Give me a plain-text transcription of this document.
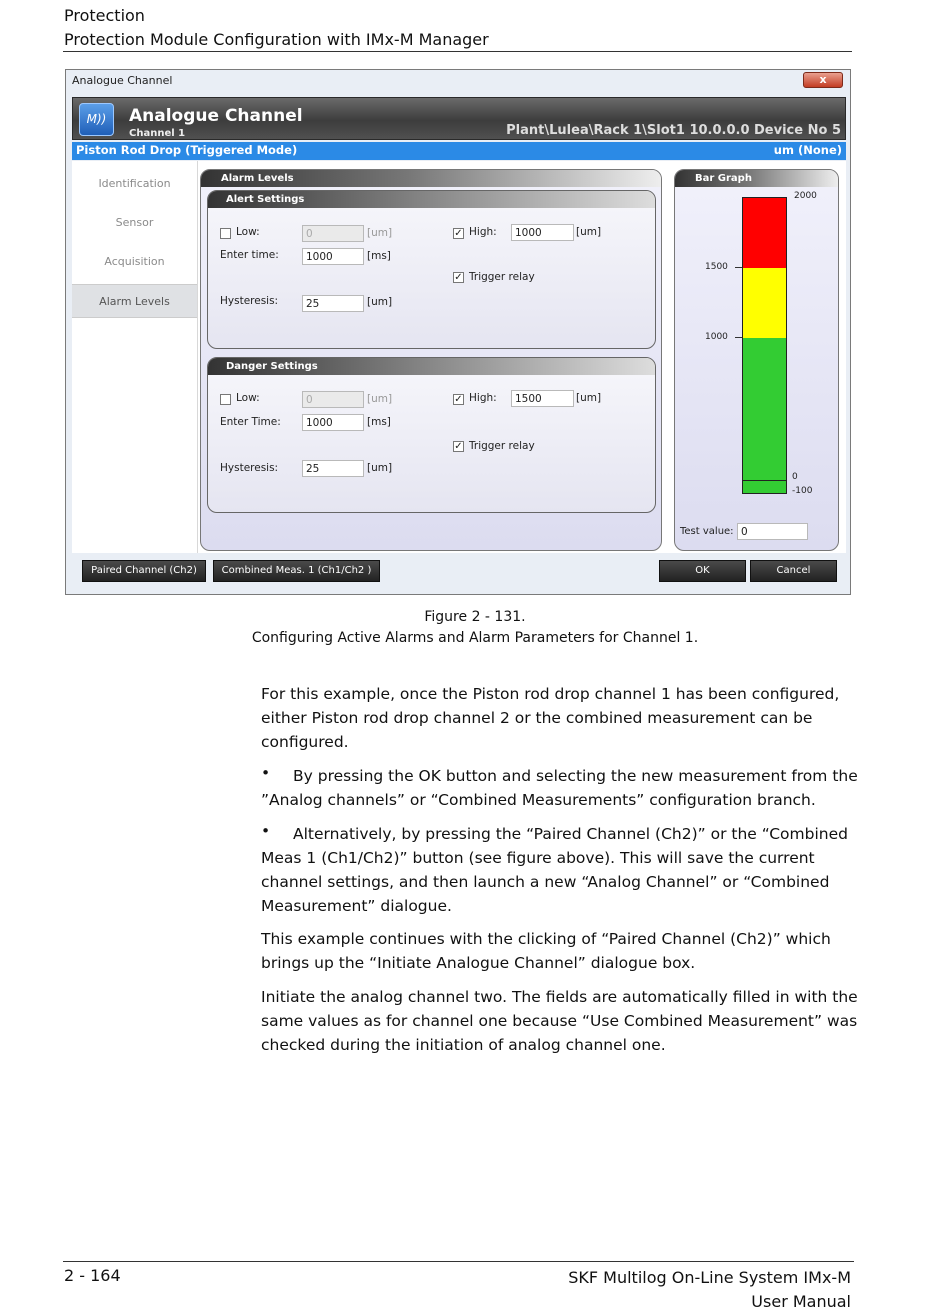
Protection
Protection Module Configuration with IMx-M Manager
Analogue Channel	x
M))	Analogue Channel
Channel 1	Plant\Lulea\Rack 1\Slot1 10.0.0.0 Device No 5
Piston Rod Drop (Triggered Mode)	um (None)
Identification
Sensor
Acquisition
Alarm Levels
Alarm Levels
Alert Settings
Low:	0	[um]	✓ High:	1000	[um]
Enter time:	1000	[ms]
✓ Trigger relay
Hysteresis:	25	[um]
Danger Settings
Low:	0	[um]	✓ High:	1500	[um]
Enter Time:	1000	[ms]
✓ Trigger relay
Hysteresis:	25	[um]
Bar Graph
2000
1500
1000
0
-100
Test value: 0
Paired Channel (Ch2)	Combined Meas. 1 (Ch1/Ch2 )	OK	Cancel
Figure 2 - 131.
Configuring Active Alarms and Alarm Parameters for Channel 1.

For this example, once the Piston rod drop channel 1 has been configured, either Piston rod drop channel 2 or the combined measurement can be configured.

•	By pressing the OK button and selecting the new measurement from the ”Analog channels” or “Combined Measurements” configuration branch.

•	Alternatively, by pressing the “Paired Channel (Ch2)” or the “Combined Meas 1 (Ch1/Ch2)” button (see figure above). This will save the current channel settings, and then launch a new “Analog Channel” or “Combined Measurement” dialogue.

This example continues with the clicking of “Paired Channel (Ch2)” which brings up the “Initiate Analogue Channel” dialogue box.

Initiate the analog channel two. The fields are automatically filled in with the same values as for channel one because “Use Combined Measurement” was checked during the initiation of analog channel one.

2 - 164	SKF Multilog On-Line System IMx-M
User Manual
